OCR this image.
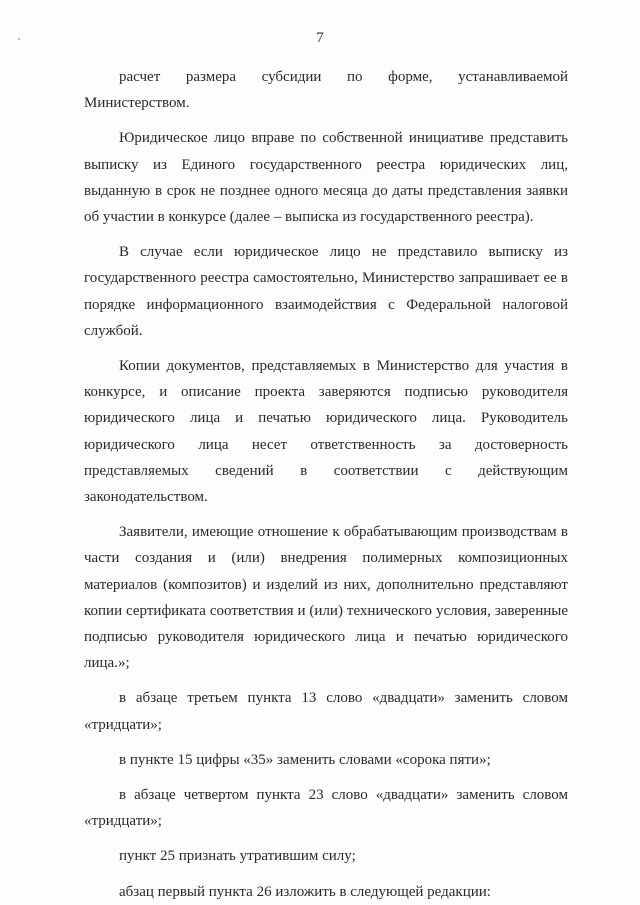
7

расчет размера субсидии по форме, устанавливаемой
Министерством.

Юридическое лицо вправе по собственной инициативе представить
выписку из Единого государственного реестра юридических лиц, выданную в срок не позднее одного месяца до даты представления заявки об участии в конкурсе (далее – выписка из государственного реестра).

В случае если юридическое лицо не представило выписку из
государственного реестра самостоятельно, Министерство запрашивает ее в порядке информационного взаимодействия с Федеральной налоговой службой.

Копии документов, представляемых в Министерство для участия в
конкурсе, и описание проекта заверяются подписью руководителя юридического лица и печатью юридического лица. Руководитель юридического лица несет ответственность за достоверность представляемых сведений в соответствии с действующим законодательством.

Заявители, имеющие отношение к обрабатывающим производствам в
части создания и (или) внедрения полимерных композиционных материалов (композитов) и изделий из них, дополнительно представляют копии сертификата соответствия и (или) технического условия, заверенные подписью руководителя юридического лица и печатью юридического лица.»;

в абзаце третьем пункта 13 слово «двадцати» заменить словом
«тридцати»;

в пункте 15 цифры «35» заменить словами «сорока пяти»;

в абзаце четвертом пункта 23 слово «двадцати» заменить словом
«тридцати»;

пункт 25 признать утратившим силу;

абзац первый пункта 26 изложить в следующей редакции:
